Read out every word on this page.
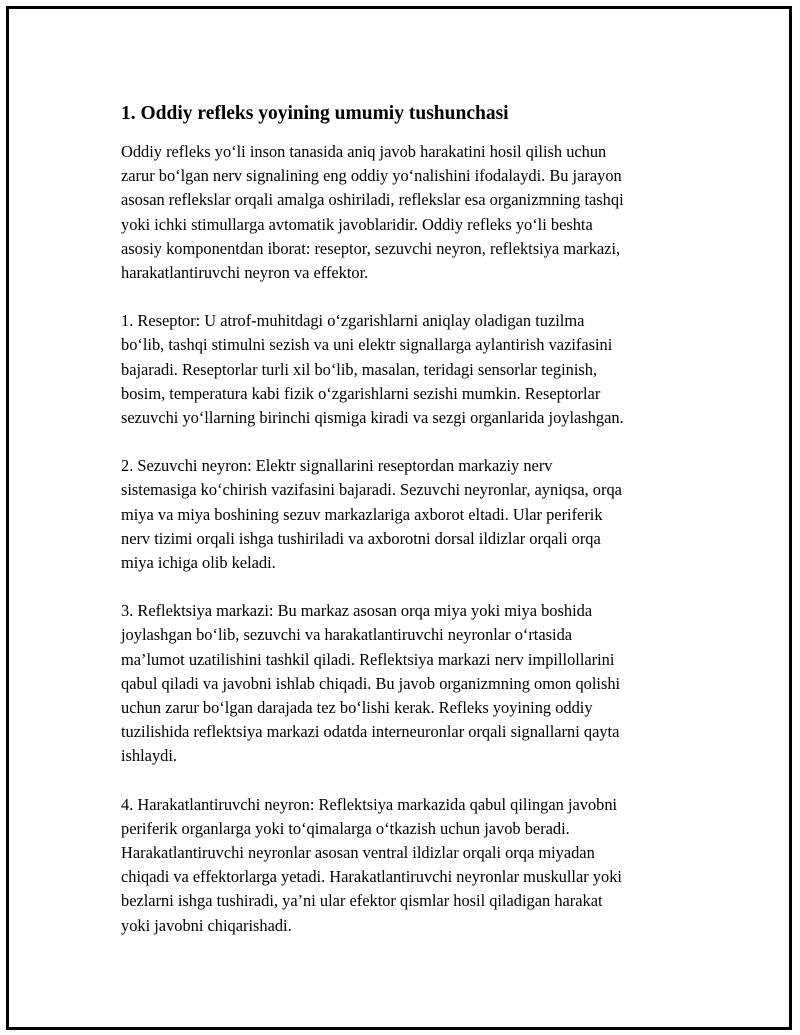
1. Oddiy refleks yoyining umumiy tushunchasi

Oddiy refleks yo‘li inson tanasida aniq javob harakatini hosil qilish uchun
zarur bo‘lgan nerv signalining eng oddiy yo‘nalishini ifodalaydi. Bu jarayon
asosan reflekslar orqali amalga oshiriladi, reflekslar esa organizmning tashqi
yoki ichki stimullarga avtomatik javoblaridir. Oddiy refleks yo‘li beshta
asosiy komponentdan iborat: reseptor, sezuvchi neyron, reflektsiya markazi,
harakatlantiruvchi neyron va effektor.

1. Reseptor: U atrof-muhitdagi o‘zgarishlarni aniqlay oladigan tuzilma
bo‘lib, tashqi stimulni sezish va uni elektr signallarga aylantirish vazifasini
bajaradi. Reseptorlar turli xil bo‘lib, masalan, teridagi sensorlar teginish,
bosim, temperatura kabi fizik o‘zgarishlarni sezishi mumkin. Reseptorlar
sezuvchi yo‘llarning birinchi qismiga kiradi va sezgi organlarida joylashgan.

2. Sezuvchi neyron: Elektr signallarini reseptordan markaziy nerv
sistemasiga ko‘chirish vazifasini bajaradi. Sezuvchi neyronlar, ayniqsa, orqa
miya va miya boshining sezuv markazlariga axborot eltadi. Ular periferik
nerv tizimi orqali ishga tushiriladi va axborotni dorsal ildizlar orqali orqa
miya ichiga olib keladi.

3. Reflektsiya markazi: Bu markaz asosan orqa miya yoki miya boshida
joylashgan bo‘lib, sezuvchi va harakatlantiruvchi neyronlar o‘rtasida
ma’lumot uzatilishini tashkil qiladi. Reflektsiya markazi nerv impillollarini
qabul qiladi va javobni ishlab chiqadi. Bu javob organizmning omon qolishi
uchun zarur bo‘lgan darajada tez bo‘lishi kerak. Refleks yoyining oddiy
tuzilishida reflektsiya markazi odatda interneuronlar orqali signallarni qayta
ishlaydi.

4. Harakatlantiruvchi neyron: Reflektsiya markazida qabul qilingan javobni
periferik organlarga yoki to‘qimalarga o‘tkazish uchun javob beradi.
Harakatlantiruvchi neyronlar asosan ventral ildizlar orqali orqa miyadan
chiqadi va effektorlarga yetadi. Harakatlantiruvchi neyronlar muskullar yoki
bezlarni ishga tushiradi, ya’ni ular efektor qismlar hosil qiladigan harakat
yoki javobni chiqarishadi.
